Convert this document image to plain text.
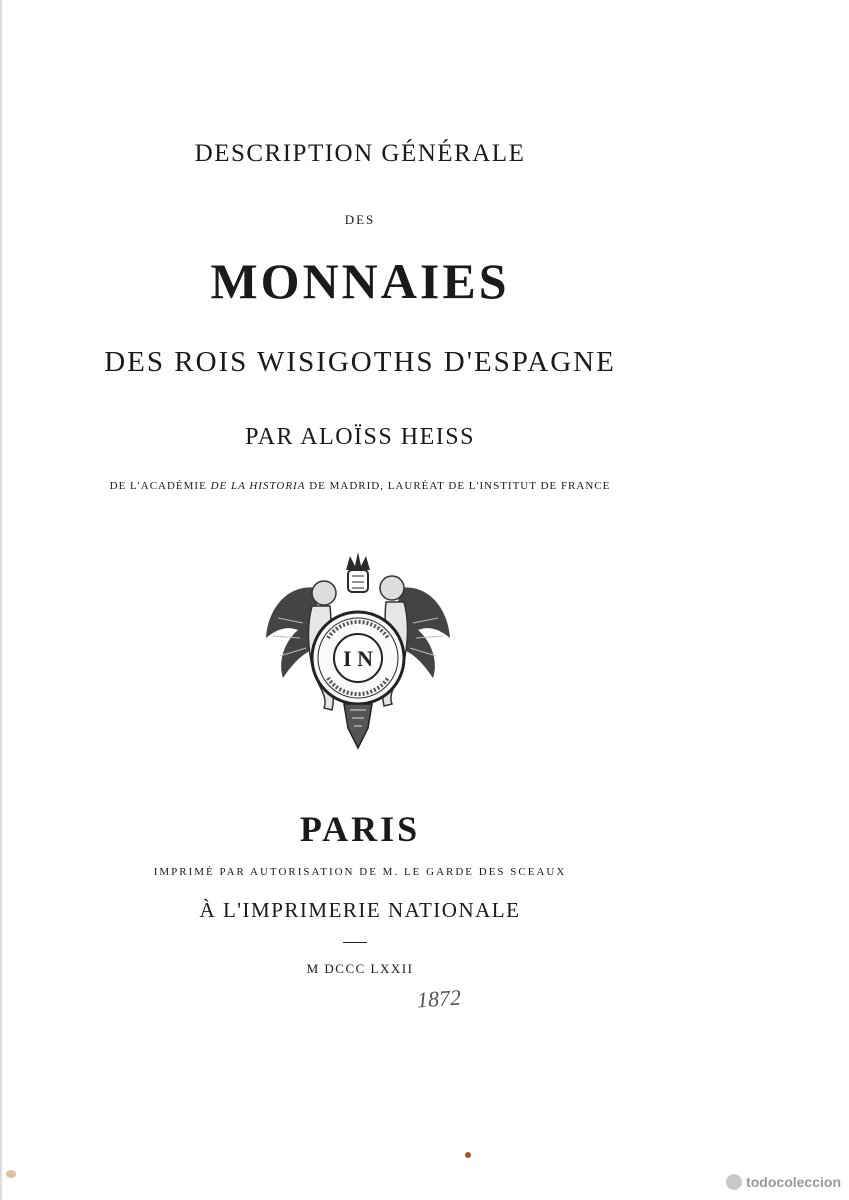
DESCRIPTION GÉNÉRALE
DES
MONNAIES
DES ROIS WISIGOTHS D'ESPAGNE
PAR ALOÏSS HEISS
DE L'ACADÉMIE DE LA HISTORIA DE MADRID, LAURÉAT DE L'INSTITUT DE FRANCE
I N
PARIS
IMPRIMÉ PAR AUTORISATION DE M. LE GARDE DES SCEAUX
À L'IMPRIMERIE NATIONALE
M DCCC LXXII
1872
todocoleccion
